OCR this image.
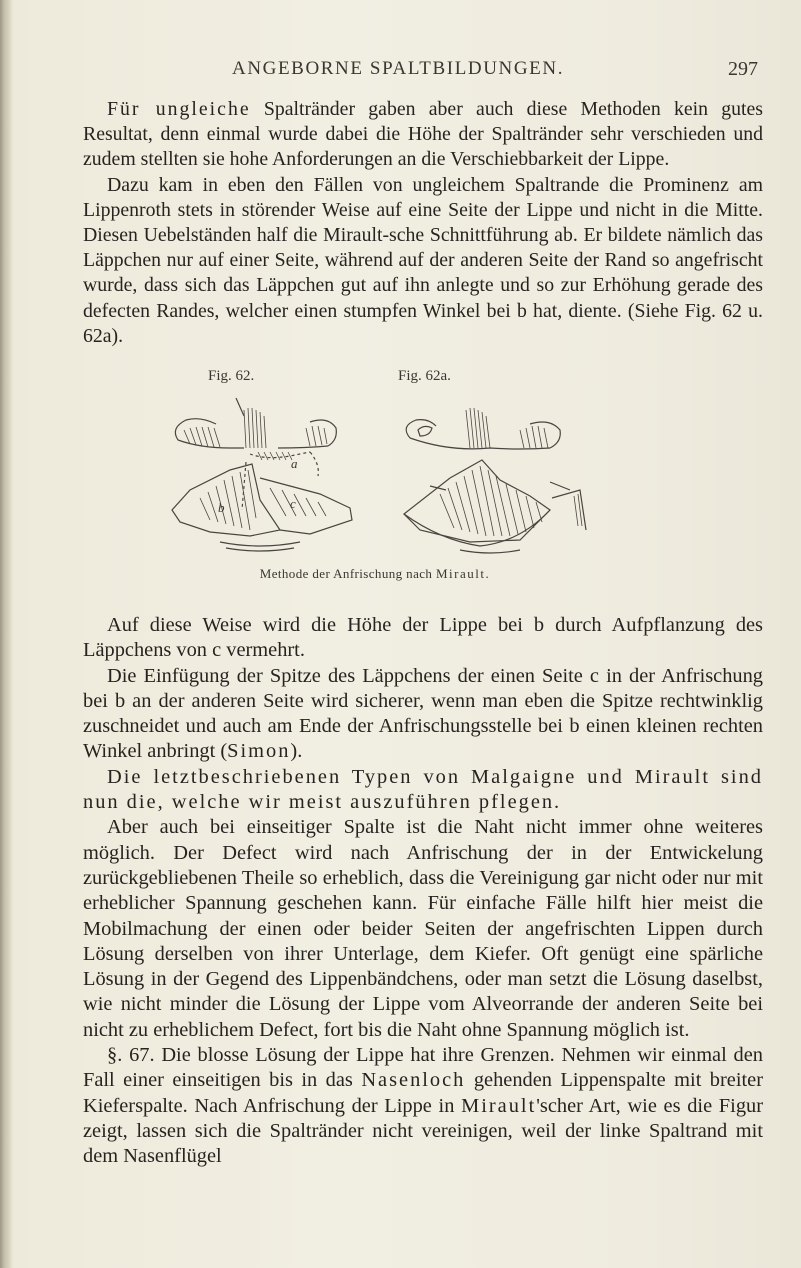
ANGEBORNE SPALTBILDUNGEN.	297

Für ungleiche Spaltränder gaben aber auch diese Methoden kein gutes Resultat, denn einmal wurde dabei die Höhe der Spaltränder sehr verschieden und zudem stellten sie hohe Anforderungen an die Verschiebbarkeit der Lippe.

Dazu kam in eben den Fällen von ungleichem Spaltrande die Prominenz am Lippenroth stets in störender Weise auf eine Seite der Lippe und nicht in die Mitte. Diesen Uebelständen half die Mirault-sche Schnittführung ab. Er bildete nämlich das Läppchen nur auf einer Seite, während auf der anderen Seite der Rand so angefrischt wurde, dass sich das Läppchen gut auf ihn anlegte und so zur Erhöhung gerade des defecten Randes, welcher einen stumpfen Winkel bei b hat, diente. (Siehe Fig. 62 u. 62a).

Fig. 62.	Fig. 62a.
a
b	c
Methode der Anfrischung nach Mirault.

Auf diese Weise wird die Höhe der Lippe bei b durch Aufpflanzung des Läppchens von c vermehrt.

Die Einfügung der Spitze des Läppchens der einen Seite c in der Anfrischung bei b an der anderen Seite wird sicherer, wenn man eben die Spitze rechtwinklig zuschneidet und auch am Ende der Anfrischungsstelle bei b einen kleinen rechten Winkel anbringt (Simon).

Die letztbeschriebenen Typen von Malgaigne und Mirault sind nun die, welche wir meist auszuführen pflegen.

Aber auch bei einseitiger Spalte ist die Naht nicht immer ohne weiteres möglich. Der Defect wird nach Anfrischung der in der Entwickelung zurückgebliebenen Theile so erheblich, dass die Vereinigung gar nicht oder nur mit erheblicher Spannung geschehen kann. Für einfache Fälle hilft hier meist die Mobilmachung der einen oder beider Seiten der angefrischten Lippen durch Lösung derselben von ihrer Unterlage, dem Kiefer. Oft genügt eine spärliche Lösung in der Gegend des Lippenbändchens, oder man setzt die Lösung daselbst, wie nicht minder die Lösung der Lippe vom Alveorrande der anderen Seite bei nicht zu erheblichem Defect, fort bis die Naht ohne Spannung möglich ist.

§. 67. Die blosse Lösung der Lippe hat ihre Grenzen. Nehmen wir einmal den Fall einer einseitigen bis in das Nasenloch gehenden Lippenspalte mit breiter Kieferspalte. Nach Anfrischung der Lippe in Mirault'scher Art, wie es die Figur zeigt, lassen sich die Spaltränder nicht vereinigen, weil der linke Spaltrand mit dem Nasenflügel
